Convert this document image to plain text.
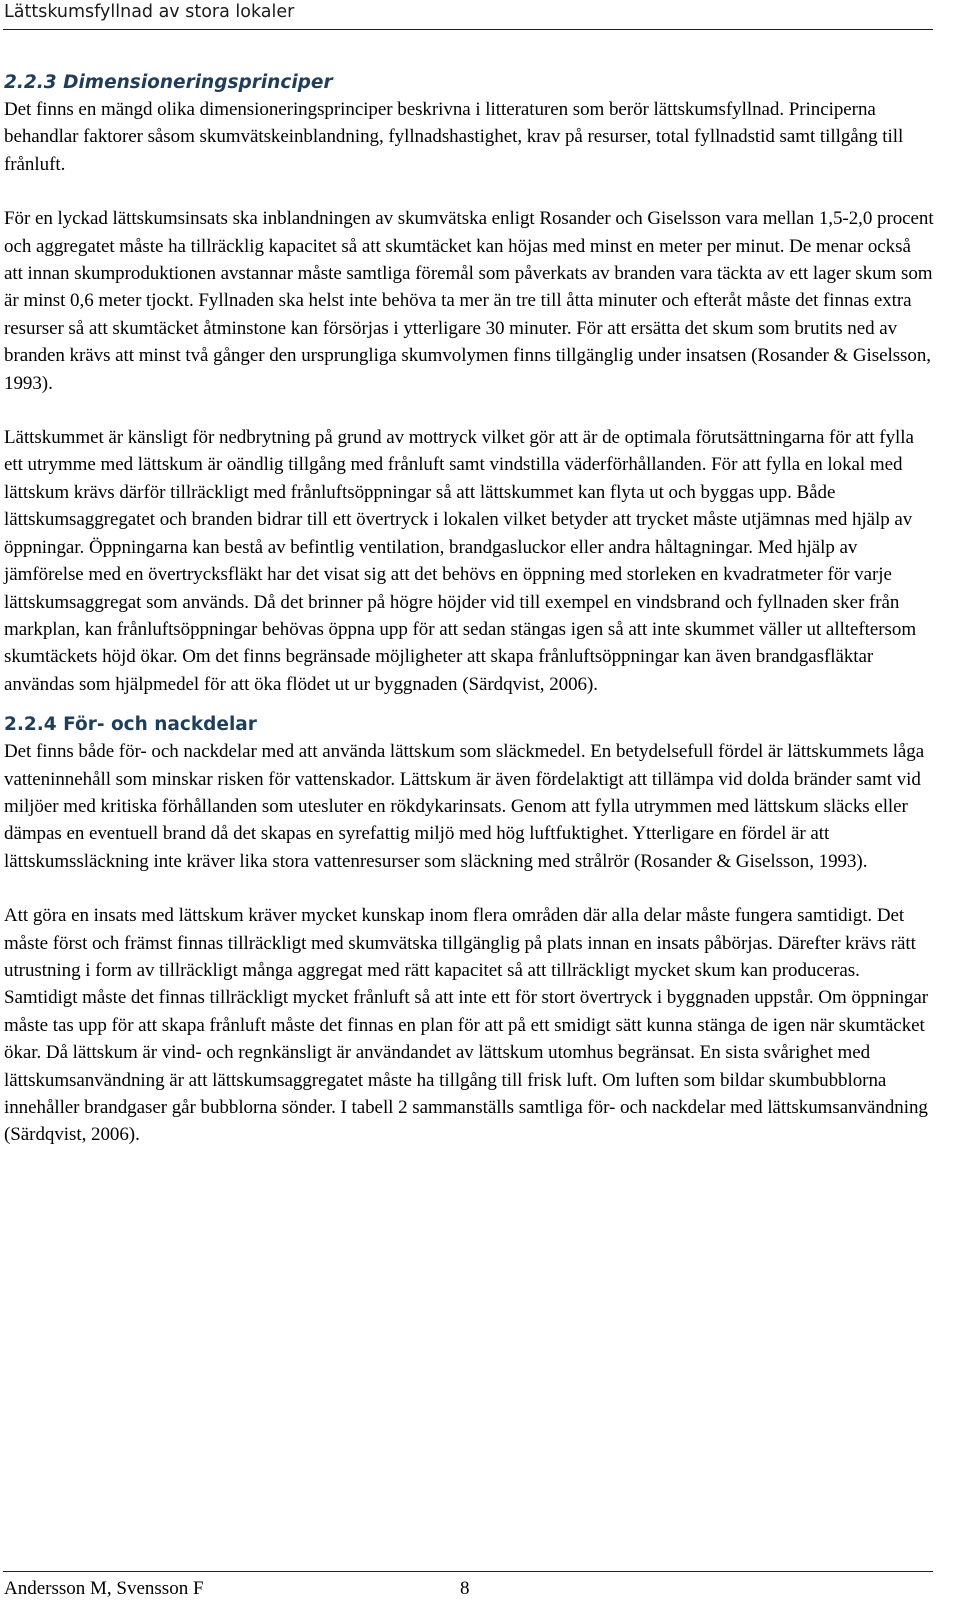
Lättskumsfyllnad av stora lokaler
2.2.3 Dimensioneringsprinciper

Det finns en mängd olika dimensioneringsprinciper beskrivna i litteraturen som berör lättskumsfyllnad. Principerna behandlar faktorer såsom skumvätskeinblandning, fyllnadshastighet, krav på resurser, total fyllnadstid samt tillgång till frånluft.

För en lyckad lättskumsinsats ska inblandningen av skumvätska enligt Rosander och Giselsson vara mellan 1,5-2,0 procent och aggregatet måste ha tillräcklig kapacitet så att skumtäcket kan höjas med minst en meter per minut. De menar också att innan skumproduktionen avstannar måste samtliga föremål som påverkats av branden vara täckta av ett lager skum som är minst 0,6 meter tjockt. Fyllnaden ska helst inte behöva ta mer än tre till åtta minuter och efteråt måste det finnas extra resurser så att skumtäcket åtminstone kan försörjas i ytterligare 30 minuter. För att ersätta det skum som brutits ned av branden krävs att minst två gånger den ursprungliga skumvolymen finns tillgänglig under insatsen (Rosander & Giselsson, 1993).

Lättskummet är känsligt för nedbrytning på grund av mottryck vilket gör att är de optimala förutsättningarna för att fylla ett utrymme med lättskum är oändlig tillgång med frånluft samt vindstilla väderförhållanden. För att fylla en lokal med lättskum krävs därför tillräckligt med frånluftsöppningar så att lättskummet kan flyta ut och byggas upp. Både lättskumsaggregatet och branden bidrar till ett övertryck i lokalen vilket betyder att trycket måste utjämnas med hjälp av öppningar. Öppningarna kan bestå av befintlig ventilation, brandgasluckor eller andra håltagningar. Med hjälp av jämförelse med en övertrycksfläkt har det visat sig att det behövs en öppning med storleken en kvadratmeter för varje lättskumsaggregat som används. Då det brinner på högre höjder vid till exempel en vindsbrand och fyllnaden sker från markplan, kan frånluftsöppningar behövas öppna upp för att sedan stängas igen så att inte skummet väller ut allteftersom skumtäckets höjd ökar. Om det finns begränsade möjligheter att skapa frånluftsöppningar kan även brandgasfläktar användas som hjälpmedel för att öka flödet ut ur byggnaden (Särdqvist, 2006).

2.2.4 För- och nackdelar

Det finns både för- och nackdelar med att använda lättskum som släckmedel. En betydelsefull fördel är lättskummets låga vatteninnehåll som minskar risken för vattenskador. Lättskum är även fördelaktigt att tillämpa vid dolda bränder samt vid miljöer med kritiska förhållanden som utesluter en rökdykarinsats. Genom att fylla utrymmen med lättskum släcks eller dämpas en eventuell brand då det skapas en syrefattig miljö med hög luftfuktighet. Ytterligare en fördel är att lättskumssläckning inte kräver lika stora vattenresurser som släckning med strålrör (Rosander & Giselsson, 1993).

Att göra en insats med lättskum kräver mycket kunskap inom flera områden där alla delar måste fungera samtidigt. Det måste först och främst finnas tillräckligt med skumvätska tillgänglig på plats innan en insats påbörjas. Därefter krävs rätt utrustning i form av tillräckligt många aggregat med rätt kapacitet så att tillräckligt mycket skum kan produceras. Samtidigt måste det finnas tillräckligt mycket frånluft så att inte ett för stort övertryck i byggnaden uppstår. Om öppningar måste tas upp för att skapa frånluft måste det finnas en plan för att på ett smidigt sätt kunna stänga de igen när skumtäcket ökar. Då lättskum är vind- och regnkänsligt är användandet av lättskum utomhus begränsat. En sista svårighet med lättskumsanvändning är att lättskumsaggregatet måste ha tillgång till frisk luft. Om luften som bildar skumbubblorna innehåller brandgaser går bubblorna sönder. I tabell 2 sammanställs samtliga för- och nackdelar med lättskumsanvändning (Särdqvist, 2006).

Andersson M, Svensson F	8
